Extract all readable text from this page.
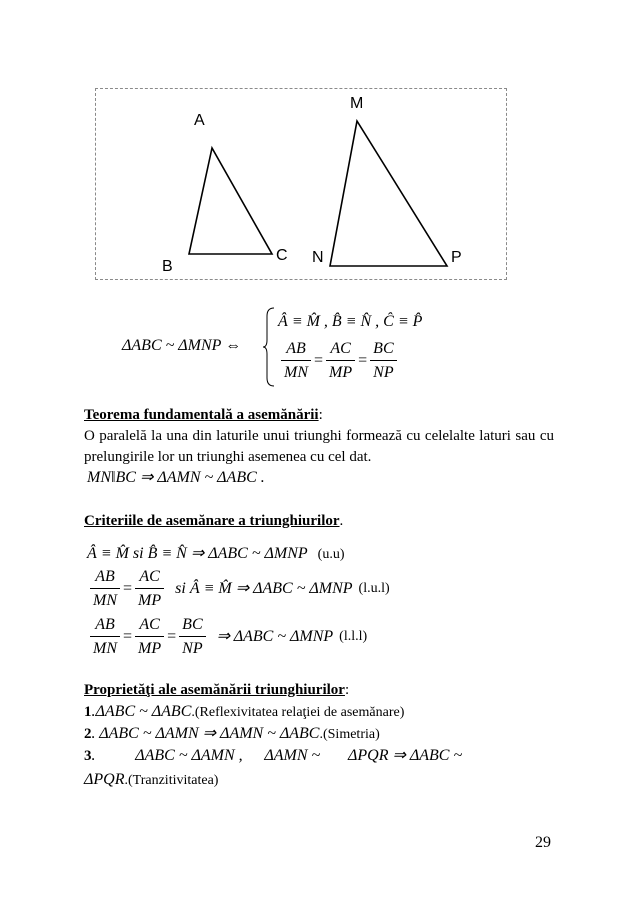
A
B
C
M
N	P
ΔABC ~ ΔMNP ⇔
Â ≡ M̂ , B̂ ≡ N̂ , Ĉ ≡ P̂
$\frac{AB}{MN} = \frac{AC}{MP} = \frac{BC}{NP}$
Teorema fundamentală a asemănării:
O paralelă la una din laturile unui triunghi formează cu celelalte laturi sau cu prelungirile lor un triunghi asemenea cu cel dat.
MN‖BC ⇒ ΔAMN ~ ΔABC .
Criteriile de asemănare a triunghiurilor.
Â ≡ M̂ si B̂ ≡ N̂ ⇒ ΔABC ~ ΔMNP (u.u)
$\frac{AB}{MN} = \frac{AC}{MP}$ si Â ≡ M̂ ⇒ ΔABC ~ ΔMNP (l.u.l)
$\frac{AB}{MN} = \frac{AC}{MP} = \frac{BC}{NP}$ ⇒ ΔABC ~ ΔMNP (l.l.l)
Proprietăţi ale asemănării triunghiurilor:
1.ΔABC ~ ΔABC.(Reflexivitatea relaţiei de asemănare)
2. ΔABC ~ ΔAMN ⇒ ΔAMN ~ ΔABC.(Simetria)
3.          ΔABC ~ ΔAMN , ΔAMN ~ ΔPQR ⇒ ΔABC ~
ΔPQR.(Tranzitivitatea)
29
